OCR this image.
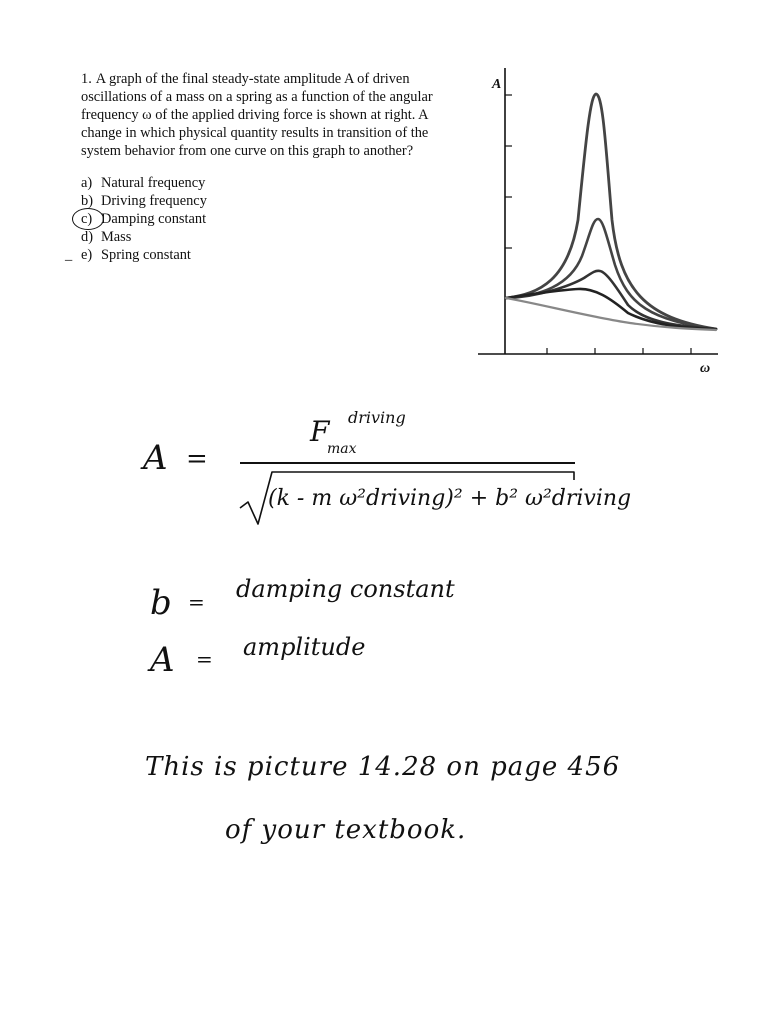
1. A graph of the final steady-state amplitude A of driven oscillations of a mass on a spring as a function of the angular frequency ω of the applied driving force is shown at right. A change in which physical quantity results in transition of the system behavior from one curve on this graph to another?

a) Natural frequency
b) Driving frequency
c) Damping constant
d) Mass
_ e) Spring constant
A
ω
A =
F driving
max
(k - m ω²driving)² + b² ω²driving
b = damping constant
A = amplitude
This is picture 14.28 on page 456
of your textbook.
